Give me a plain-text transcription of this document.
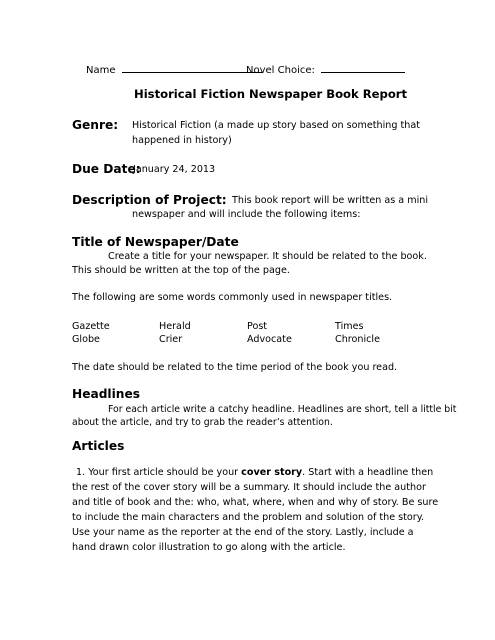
Name	Novel Choice:
Historical Fiction Newspaper Book Report
Genre: Historical Fiction (a made up story based on something that
happened in history)
Due Date:
January 24, 2013
Description of Project: This book report will be written as a mini
newspaper and will include the following items:
Title of Newspaper/Date
Create a title for your newspaper. It should be related to the book.
This should be written at the top of the page.
The following are some words commonly used in newspaper titles.
Gazette	Herald	Post	Times
Globe	Crier	Advocate	Chronicle
The date should be related to the time period of the book you read.
Headlines
For each article write a catchy headline. Headlines are short, tell a little bit
about the article, and try to grab the reader’s attention.
Articles
1. Your first article should be your cover story. Start with a headline then
the rest of the cover story will be a summary. It should include the author
and title of book and the: who, what, where, when and why of story. Be sure
to include the main characters and the problem and solution of the story.
Use your name as the reporter at the end of the story. Lastly, include a
hand drawn color illustration to go along with the article.
